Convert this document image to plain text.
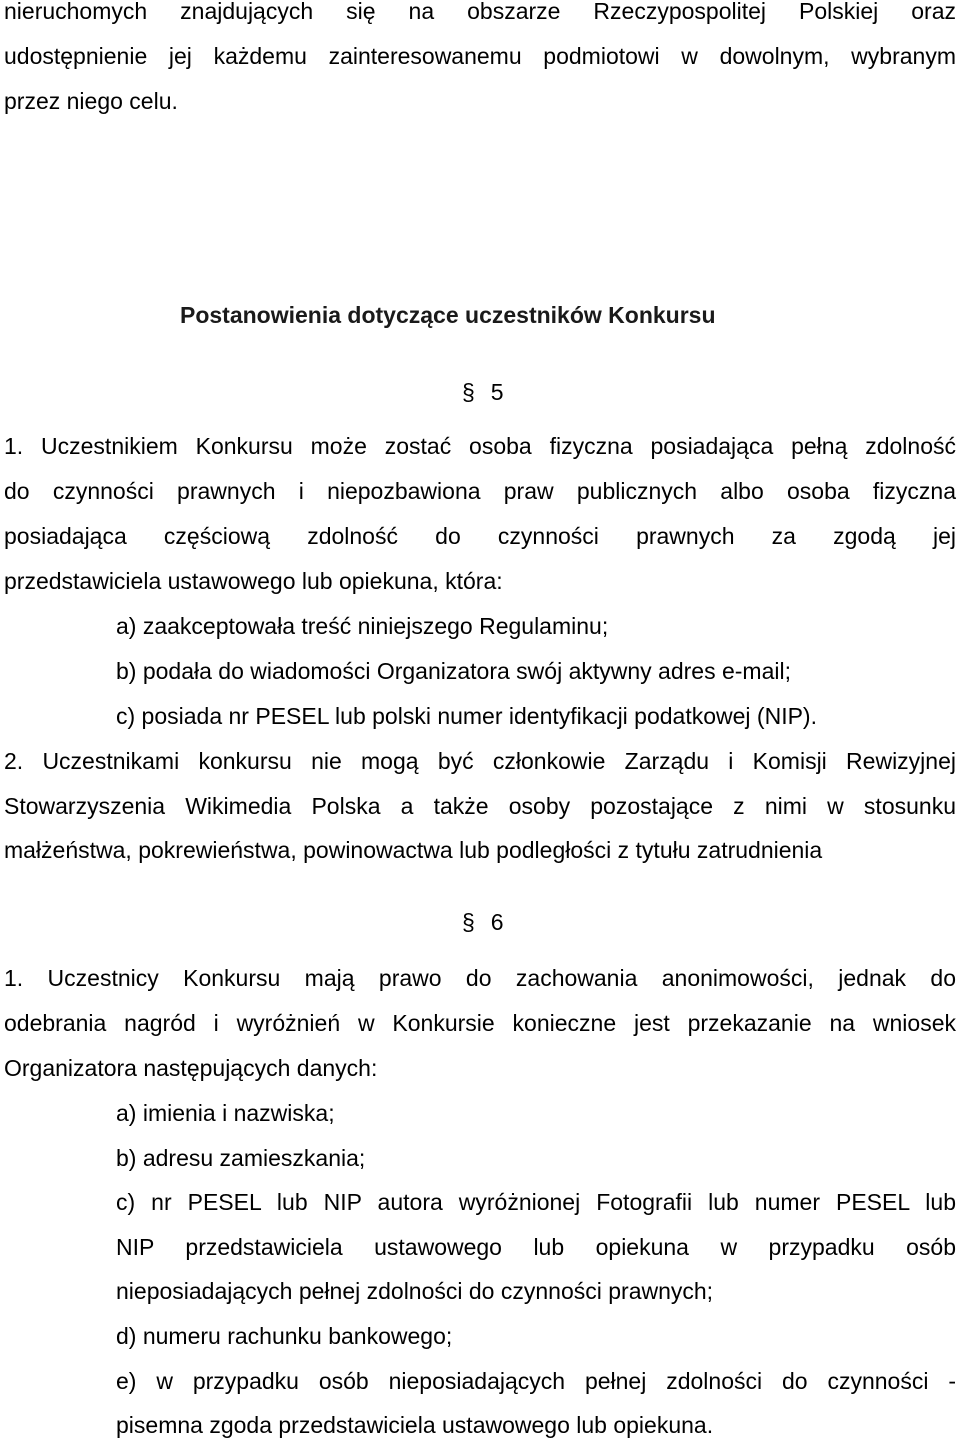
nieruchomych znajdujących się na obszarze Rzeczypospolitej Polskiej oraz
udostępnienie jej każdemu zainteresowanemu podmiotowi w dowolnym, wybranym
przez niego celu.
Postanowienia dotyczące uczestników Konkursu
§ 5
1. Uczestnikiem Konkursu może zostać osoba fizyczna posiadająca pełną zdolność
do czynności prawnych i niepozbawiona praw publicznych albo osoba fizyczna
posiadająca częściową zdolność do czynności prawnych za zgodą jej
przedstawiciela ustawowego lub opiekuna, która:
a) zaakceptowała treść niniejszego Regulaminu;
b) podała do wiadomości Organizatora swój aktywny adres e-mail;
c) posiada nr PESEL lub polski numer identyfikacji podatkowej (NIP).
2. Uczestnikami konkursu nie mogą być członkowie Zarządu i Komisji Rewizyjnej
Stowarzyszenia Wikimedia Polska a także osoby pozostające z nimi w stosunku
małżeństwa, pokrewieństwa, powinowactwa lub podległości z tytułu zatrudnienia
§ 6
1. Uczestnicy Konkursu mają prawo do zachowania anonimowości, jednak do
odebrania nagród i wyróżnień w Konkursie konieczne jest przekazanie na wniosek
Organizatora następujących danych:
a) imienia i nazwiska;
b) adresu zamieszkania;
c) nr PESEL lub NIP autora wyróżnionej Fotografii lub numer PESEL lub
NIP przedstawiciela ustawowego lub opiekuna w przypadku osób
nieposiadających pełnej zdolności do czynności prawnych;
d) numeru rachunku bankowego;
e) w przypadku osób nieposiadających pełnej zdolności do czynności -
pisemna zgoda przedstawiciela ustawowego lub opiekuna.
